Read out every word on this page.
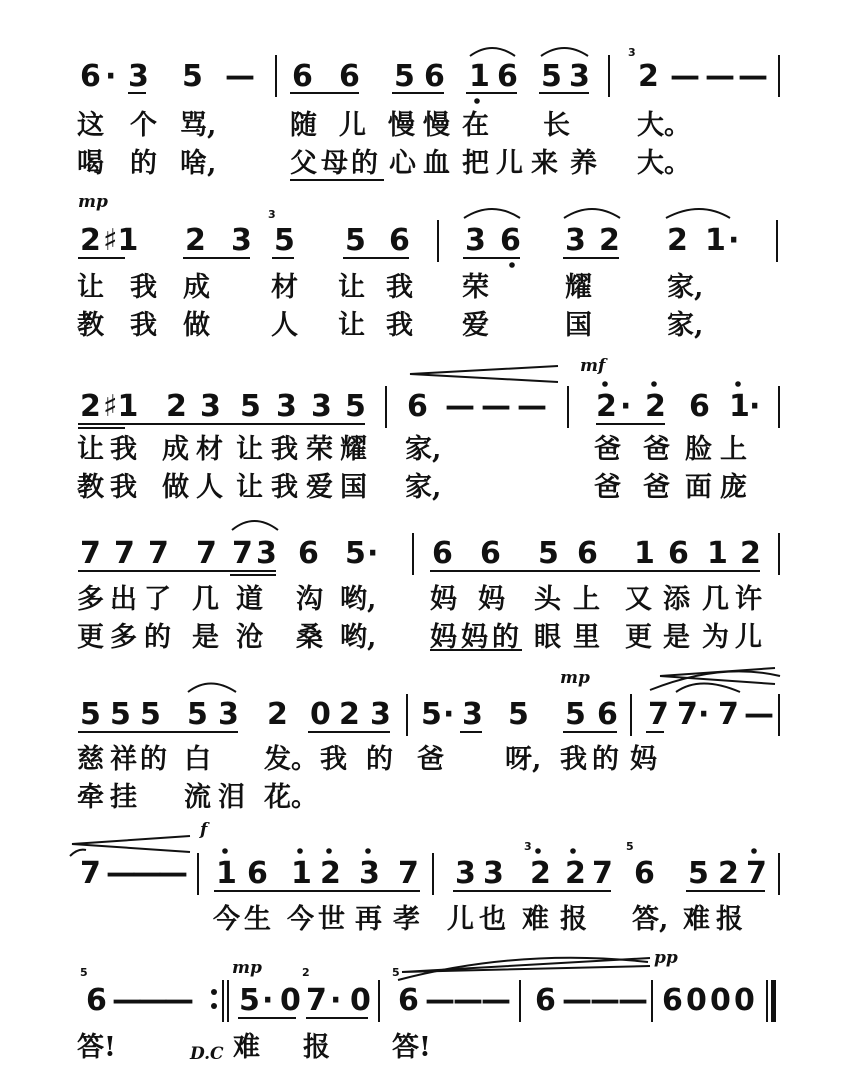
6 · 3 5 — 6 6 5 6 1 6 5 3 2 — — —
这 个 骂,	随 儿 慢 慢 在 长 大。
喝 的 啥,	父 母 的 心 血 把 儿 来 养 大。
mp
2 ♯1 2 3 5 5 6 3 6 3 2 2 1 ·
让 我 成 材 让 我 荣	耀	家,
教 我 做 人 让 我 爱	国	家,
mf
2 ♯1 2 3 5 3 3 5 6 — — — 2 · 2 6 1 ·
让 我 成 材 让 我 荣 耀 家,	爸 爸 脸 上
教 我 做 人 让 我 爱 国 家,	爸 爸 面 庞
7 7 7 7 7 3 6 5 · 6 6 5 6 1 6 1 2
多 出 了 几 道 沟 哟, 妈 妈 头 上 又 添 几 许
更 多 的 是 沧 桑 哟, 妈 妈 的 眼 里 更 是 为 儿
mp
5 5 5 5 3 2 0 2 3 5 · 3 5 5 6 7 7 · 7 —
慈 祥 的 白 发。 我 的 爸 呀, 我 的 妈
牵 挂 流 泪 花。
f
7 —
—
— 1 6 1 2 3 7 3 3 2 2 7 6 5 2 7
今 生 今 世 再 孝 儿 也 难 报 答, 难 报
mp	pp
6 —
—
— 5 · 0 7 · 0 6 —
—
— 6 —
—
— 6 0 0 0
答!	D.C 难 报 答!
3
3
3	5
5	2	5
